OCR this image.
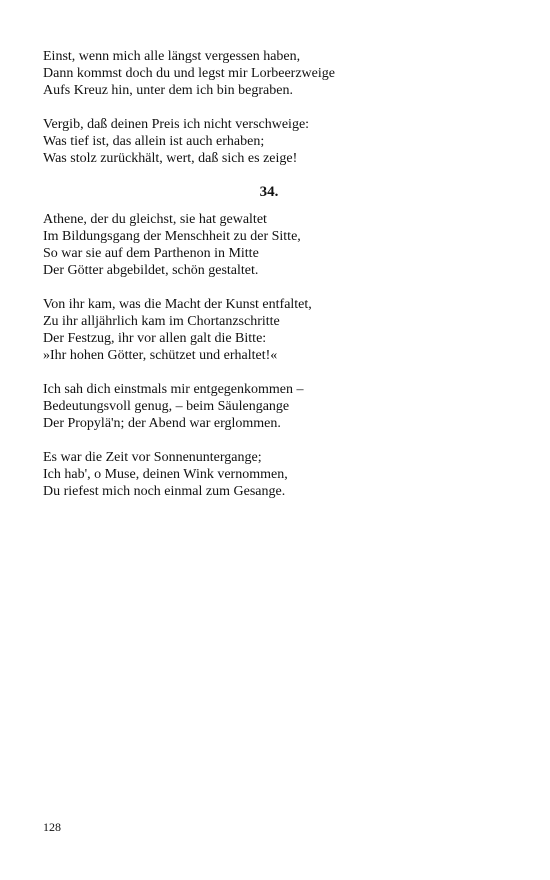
Einst, wenn mich alle längst vergessen haben,
Dann kommst doch du und legst mir Lorbeerzweige
Aufs Kreuz hin, unter dem ich bin begraben.
Vergib, daß deinen Preis ich nicht verschweige:
Was tief ist, das allein ist auch erhaben;
Was stolz zurückhält, wert, daß sich es zeige!
34.
Athene, der du gleichst, sie hat gewaltet
Im Bildungsgang der Menschheit zu der Sitte,
So war sie auf dem Parthenon in Mitte
Der Götter abgebildet, schön gestaltet.
Von ihr kam, was die Macht der Kunst entfaltet,
Zu ihr alljährlich kam im Chortanzschritte
Der Festzug, ihr vor allen galt die Bitte:
»Ihr hohen Götter, schützet und erhaltet!«
Ich sah dich einstmals mir entgegenkommen –
Bedeutungsvoll genug, – beim Säulengange
Der Propylä'n; der Abend war erglommen.
Es war die Zeit vor Sonnenuntergange;
Ich hab', o Muse, deinen Wink vernommen,
Du riefest mich noch einmal zum Gesange.
128
